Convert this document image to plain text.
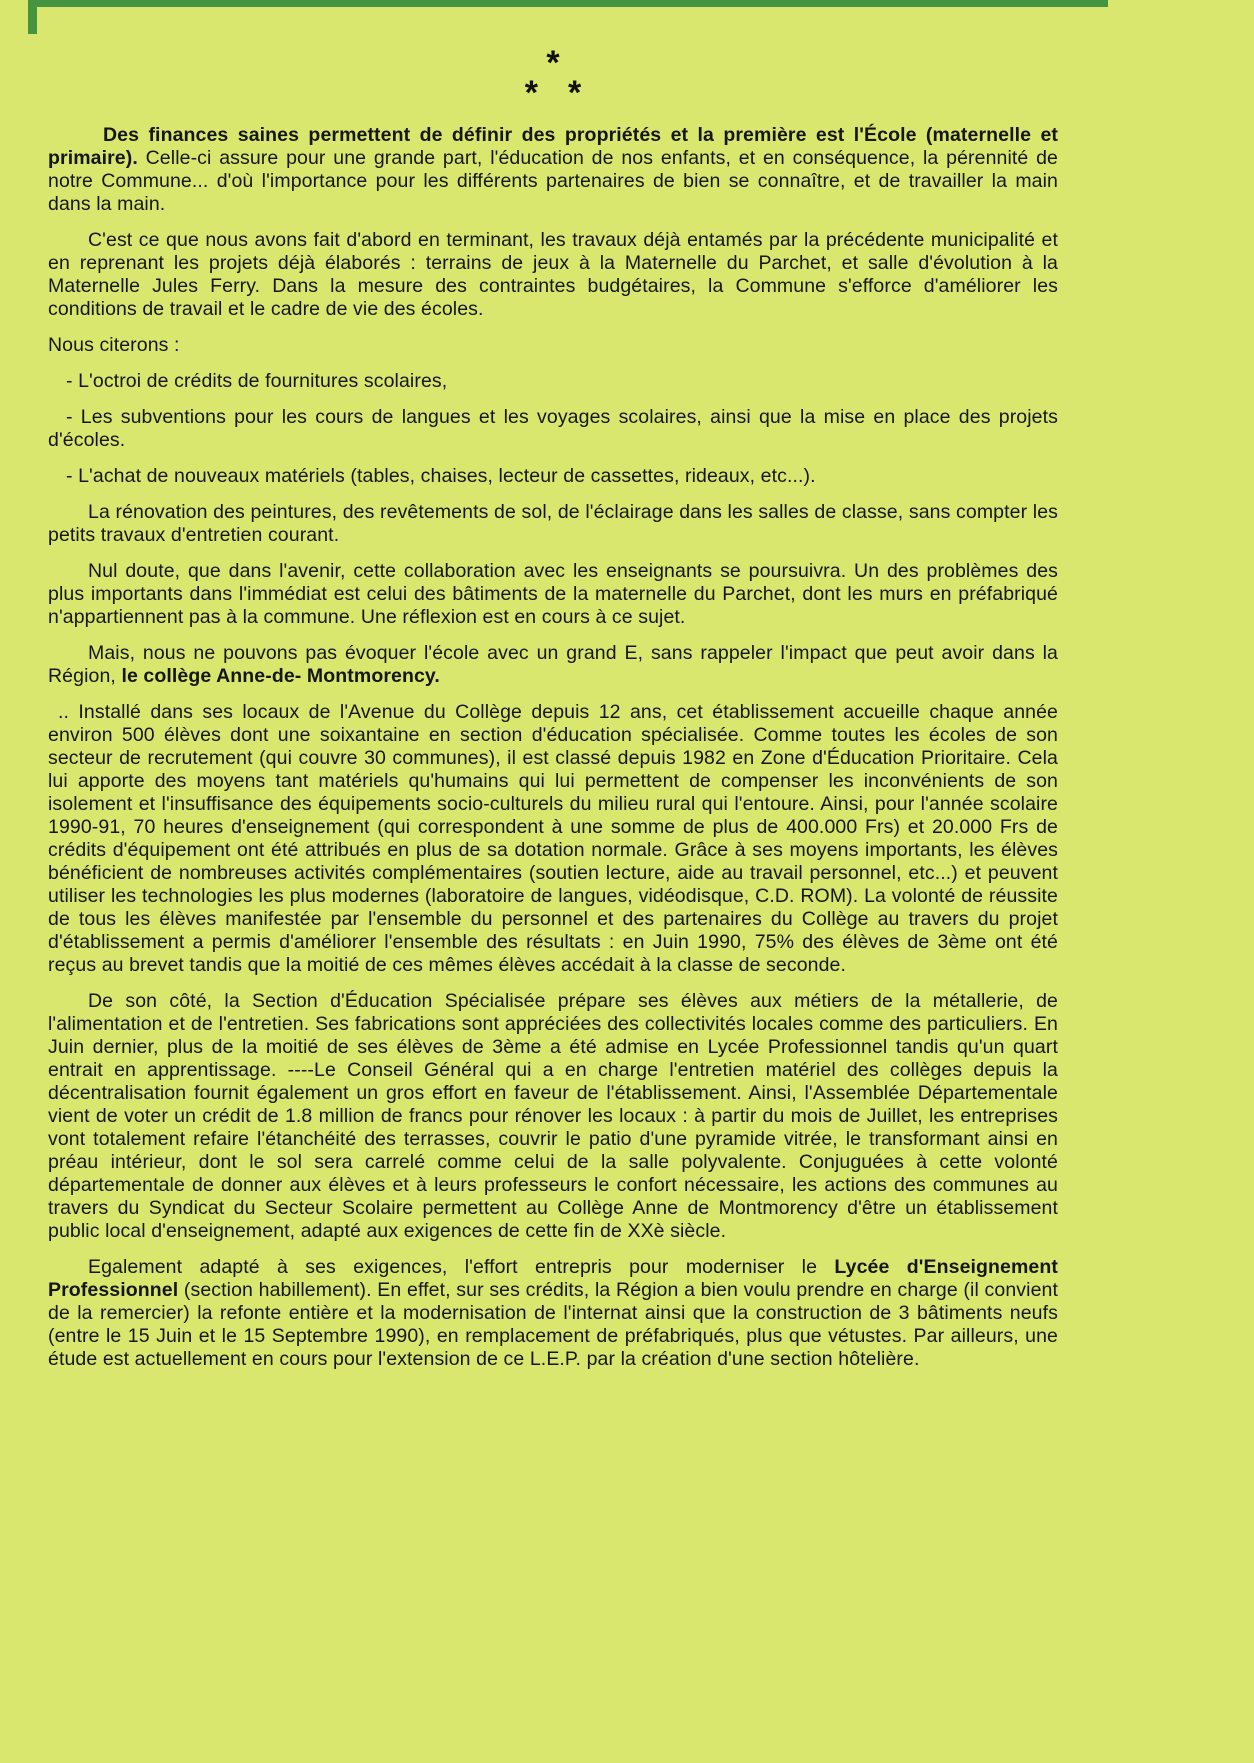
*
* *

Des finances saines permettent de définir des propriétés et la première est l'École (maternelle et primaire). Celle-ci assure pour une grande part, l'éducation de nos enfants, et en conséquence, la pérennité de notre Commune... d'où l'importance pour les différents partenaires de bien se connaître, et de travailler la main dans la main.

C'est ce que nous avons fait d'abord en terminant, les travaux déjà entamés par la précédente municipalité et en reprenant les projets déjà élaborés : terrains de jeux à la Maternelle du Parchet, et salle d'évolution à la Maternelle Jules Ferry. Dans la mesure des contraintes budgétaires, la Commune s'efforce d'améliorer les conditions de travail et le cadre de vie des écoles.

Nous citerons :

- L'octroi de crédits de fournitures scolaires,

- Les subventions pour les cours de langues et les voyages scolaires, ainsi que la mise en place des projets d'écoles.

- L'achat de nouveaux matériels (tables, chaises, lecteur de cassettes, rideaux, etc...).

La rénovation des peintures, des revêtements de sol, de l'éclairage dans les salles de classe, sans compter les petits travaux d'entretien courant.

Nul doute, que dans l'avenir, cette collaboration avec les enseignants se poursuivra. Un des problèmes des plus importants dans l'immédiat est celui des bâtiments de la maternelle du Parchet, dont les murs en préfabriqué n'appartiennent pas à la commune. Une réflexion est en cours à ce sujet.

Mais, nous ne pouvons pas évoquer l'école avec un grand E, sans rappeler l'impact que peut avoir dans la Région, le collège Anne-de- Montmorency.

.. Installé dans ses locaux de l'Avenue du Collège depuis 12 ans, cet établissement accueille chaque année environ 500 élèves dont une soixantaine en section d'éducation spécialisée. Comme toutes les écoles de son secteur de recrutement (qui couvre 30 communes), il est classé depuis 1982 en Zone d'Éducation Prioritaire. Cela lui apporte des moyens tant matériels qu'humains qui lui permettent de compenser les inconvénients de son isolement et l'insuffisance des équipements socio-culturels du milieu rural qui l'entoure. Ainsi, pour l'année scolaire 1990-91, 70 heures d'enseignement (qui correspondent à une somme de plus de 400.000 Frs) et 20.000 Frs de crédits d'équipement ont été attribués en plus de sa dotation normale. Grâce à ses moyens importants, les élèves bénéficient de nombreuses activités complémentaires (soutien lecture, aide au travail personnel, etc...) et peuvent utiliser les technologies les plus modernes (laboratoire de langues, vidéodisque, C.D. ROM). La volonté de réussite de tous les élèves manifestée par l'ensemble du personnel et des partenaires du Collège au travers du projet d'établissement a permis d'améliorer l'ensemble des résultats : en Juin 1990, 75% des élèves de 3ème ont été reçus au brevet tandis que la moitié de ces mêmes élèves accédait à la classe de seconde.

De son côté, la Section d'Éducation Spécialisée prépare ses élèves aux métiers de la métallerie, de l'alimentation et de l'entretien. Ses fabrications sont appréciées des collectivités locales comme des particuliers. En Juin dernier, plus de la moitié de ses élèves de 3ème a été admise en Lycée Professionnel tandis qu'un quart entrait en apprentissage. ----Le Conseil Général qui a en charge l'entretien matériel des collèges depuis la décentralisation fournit également un gros effort en faveur de l'établissement. Ainsi, l'Assemblée Départementale vient de voter un crédit de 1.8 million de francs pour rénover les locaux : à partir du mois de Juillet, les entreprises vont totalement refaire l'étanchéité des terrasses, couvrir le patio d'une pyramide vitrée, le transformant ainsi en préau intérieur, dont le sol sera carrelé comme celui de la salle polyvalente. Conjuguées à cette volonté départementale de donner aux élèves et à leurs professeurs le confort nécessaire, les actions des communes au travers du Syndicat du Secteur Scolaire permettent au Collège Anne de Montmorency d'être un établissement public local d'enseignement, adapté aux exigences de cette fin de XXè siècle.

Egalement adapté à ses exigences, l'effort entrepris pour moderniser le Lycée d'Enseignement Professionnel (section habillement). En effet, sur ses crédits, la Région a bien voulu prendre en charge (il convient de la remercier) la refonte entière et la modernisation de l'internat ainsi que la construction de 3 bâtiments neufs (entre le 15 Juin et le 15 Septembre 1990), en remplacement de préfabriqués, plus que vétustes. Par ailleurs, une étude est actuellement en cours pour l'extension de ce L.E.P. par la création d'une section hôtelière.
